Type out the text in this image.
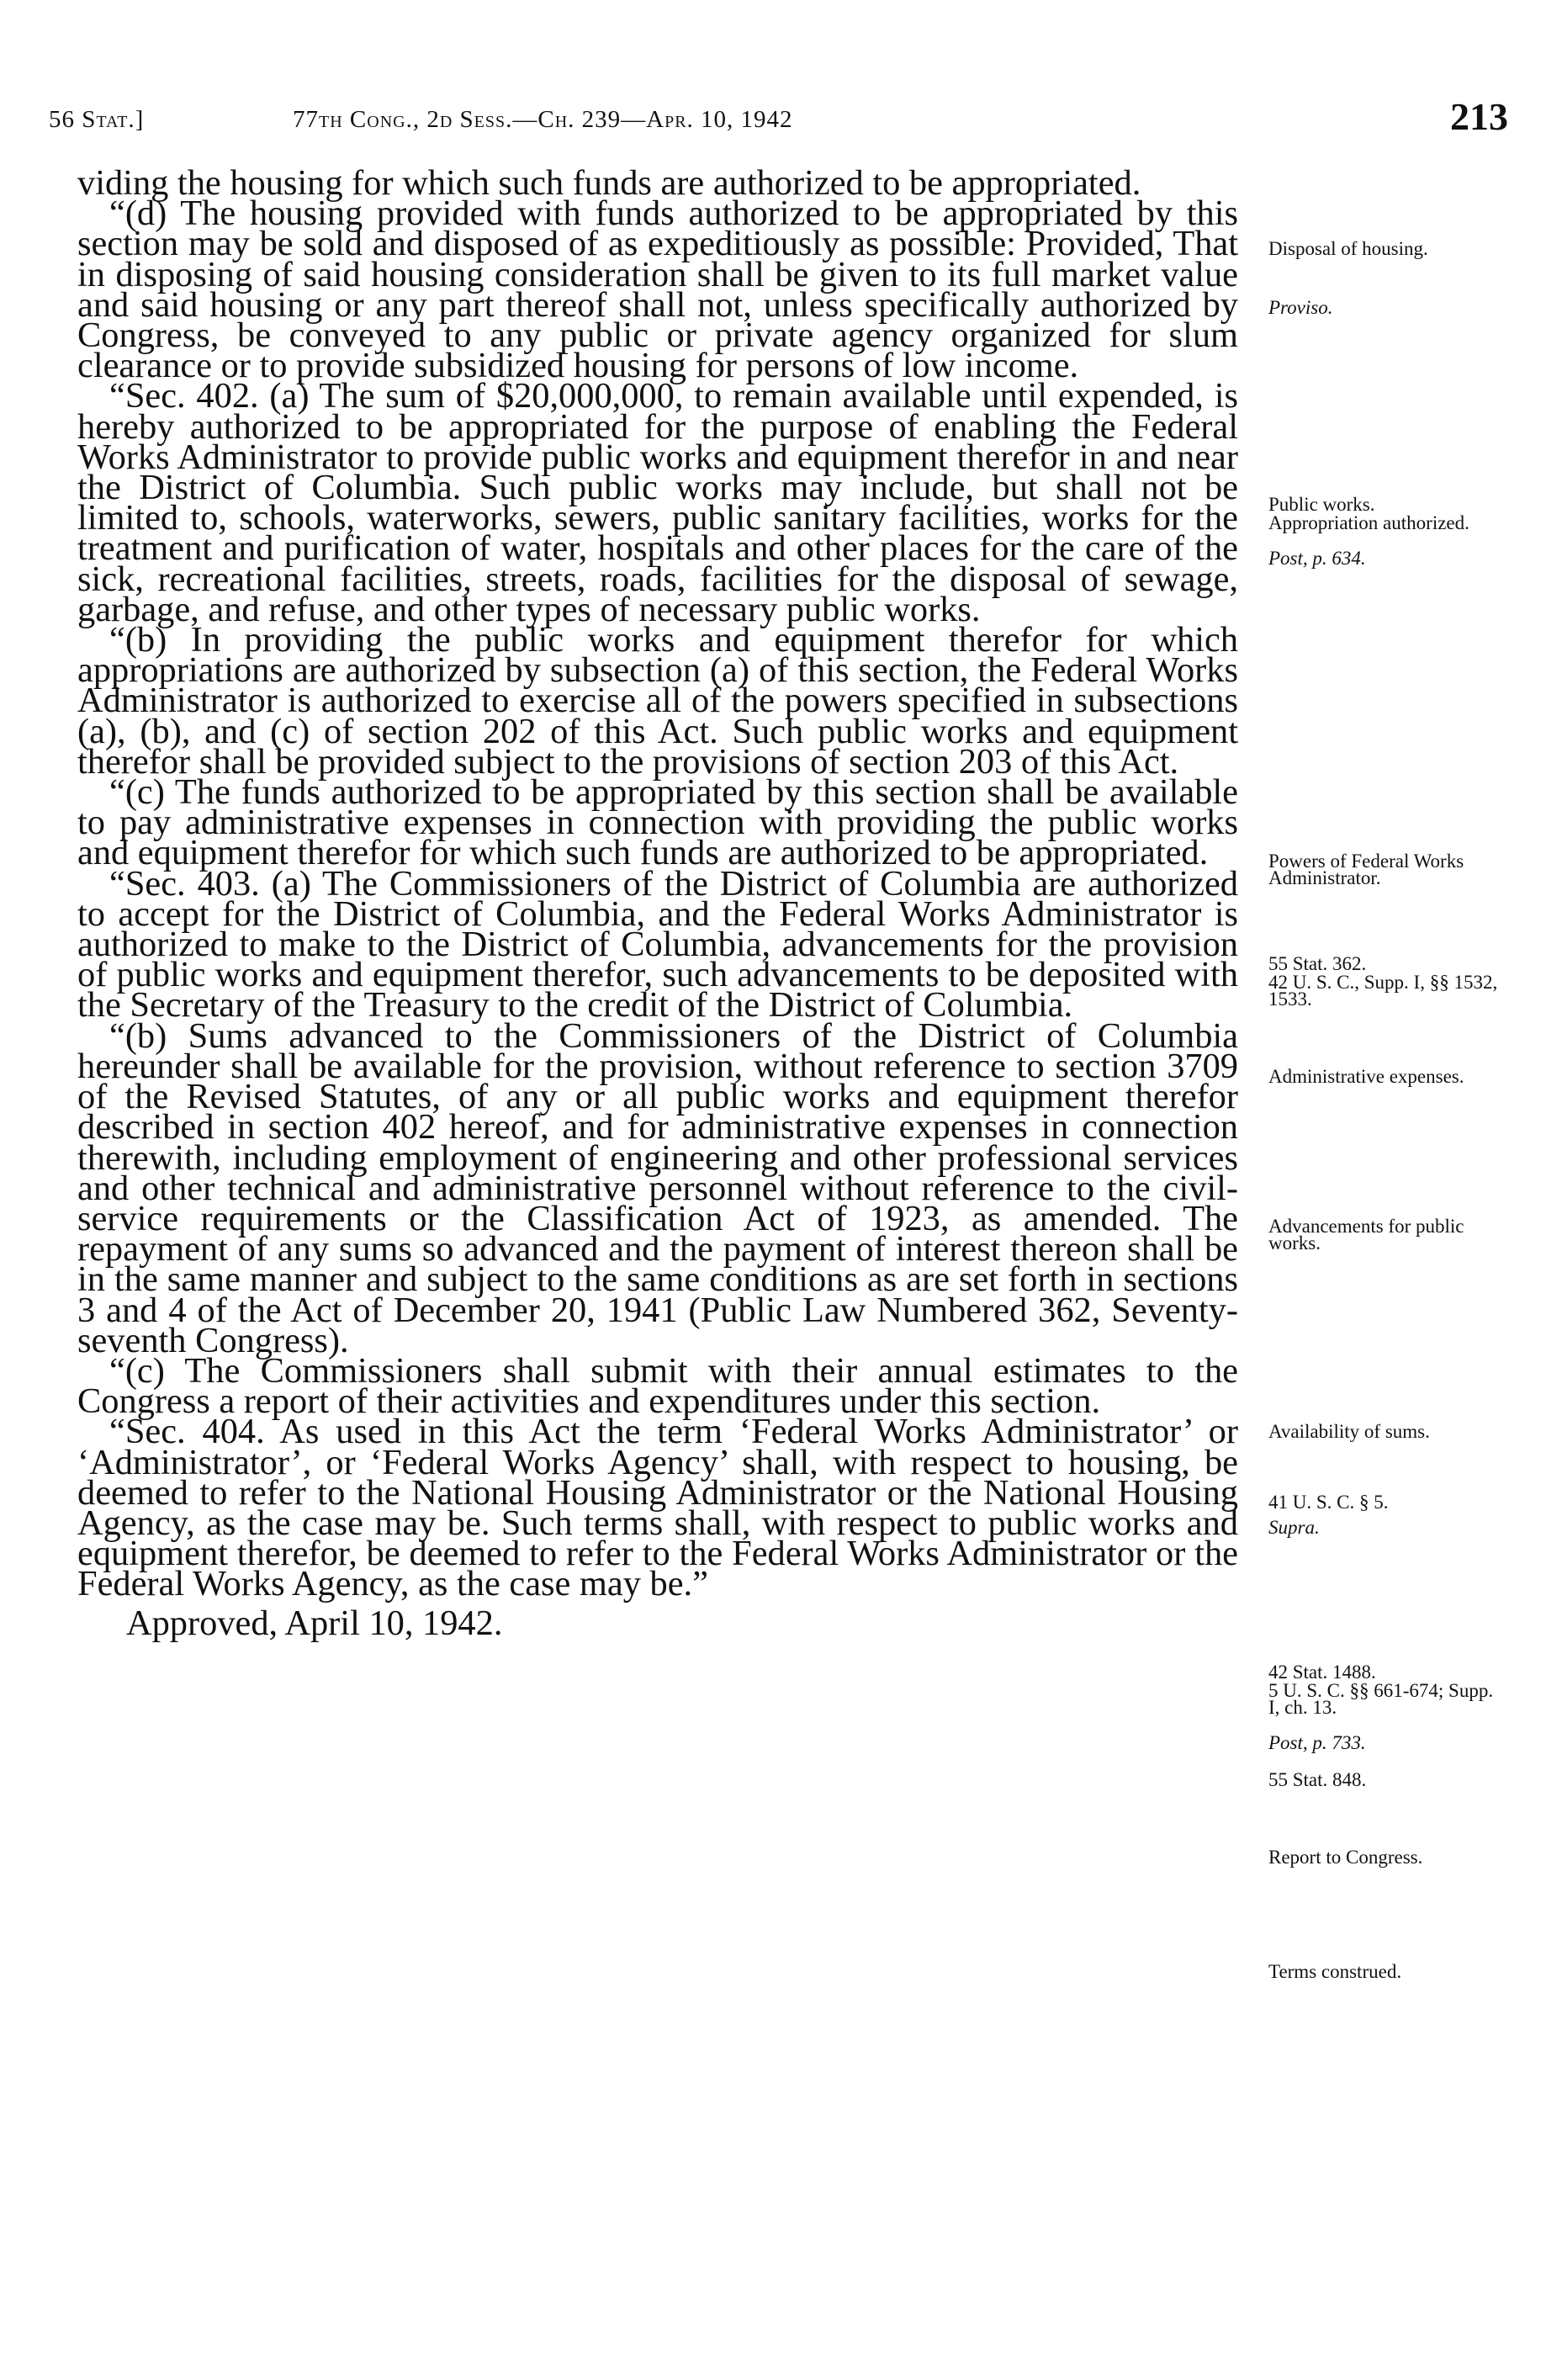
56 Stat.]	77th Cong., 2d Sess.—Ch. 239—Apr. 10, 1942	213

viding the housing for which such funds are authorized to be appropriated.

“(d) The housing provided with funds authorized to be appropriated by this section may be sold and disposed of as expeditiously as possible: Provided, That in disposing of said housing consideration shall be given to its full market value and said housing or any part thereof shall not, unless specifically authorized by Congress, be conveyed to any public or private agency organized for slum clearance or to provide subsidized housing for persons of low income.

“Sec. 402. (a) The sum of $20,000,000, to remain available until expended, is hereby authorized to be appropriated for the purpose of enabling the Federal Works Administrator to provide public works and equipment therefor in and near the District of Columbia. Such public works may include, but shall not be limited to, schools, waterworks, sewers, public sanitary facilities, works for the treatment and purification of water, hospitals and other places for the care of the sick, recreational facilities, streets, roads, facilities for the disposal of sewage, garbage, and refuse, and other types of necessary public works.

“(b) In providing the public works and equipment therefor for which appropriations are authorized by subsection (a) of this section, the Federal Works Administrator is authorized to exercise all of the powers specified in subsections (a), (b), and (c) of section 202 of this Act. Such public works and equipment therefor shall be provided subject to the provisions of section 203 of this Act.

“(c) The funds authorized to be appropriated by this section shall be available to pay administrative expenses in connection with providing the public works and equipment therefor for which such funds are authorized to be appropriated.

“Sec. 403. (a) The Commissioners of the District of Columbia are authorized to accept for the District of Columbia, and the Federal Works Administrator is authorized to make to the District of Columbia, advancements for the provision of public works and equipment therefor, such advancements to be deposited with the Secretary of the Treasury to the credit of the District of Columbia.

“(b) Sums advanced to the Commissioners of the District of Columbia hereunder shall be available for the provision, without reference to section 3709 of the Revised Statutes, of any or all public works and equipment therefor described in section 402 hereof, and for administrative expenses in connection therewith, including employment of engineering and other professional services and other technical and administrative personnel without reference to the civil-service requirements or the Classification Act of 1923, as amended. The repayment of any sums so advanced and the payment of interest thereon shall be in the same manner and subject to the same conditions as are set forth in sections 3 and 4 of the Act of December 20, 1941 (Public Law Numbered 362, Seventy-seventh Congress).

“(c) The Commissioners shall submit with their annual estimates to the Congress a report of their activities and expenditures under this section.

“Sec. 404. As used in this Act the term ‘Federal Works Administrator’ or ‘Administrator’, or ‘Federal Works Agency’ shall, with respect to housing, be deemed to refer to the National Housing Administrator or the National Housing Agency, as the case may be. Such terms shall, with respect to public works and equipment therefor, be deemed to refer to the Federal Works Administrator or the Federal Works Agency, as the case may be.”

Approved, April 10, 1942.

Disposal of housing.
Proviso.
Public works.
Appropriation authorized.
Post, p. 634.
Powers of Federal Works Administrator.
55 Stat. 362.
42 U. S. C., Supp. I, §§ 1532, 1533.
Administrative expenses.
Advancements for public works.
Availability of sums.
41 U. S. C. § 5.
Supra.
42 Stat. 1488.
5 U. S. C. §§ 661-674; Supp. I, ch. 13.
Post, p. 733.
55 Stat. 848.
Report to Congress.
Terms construed.
